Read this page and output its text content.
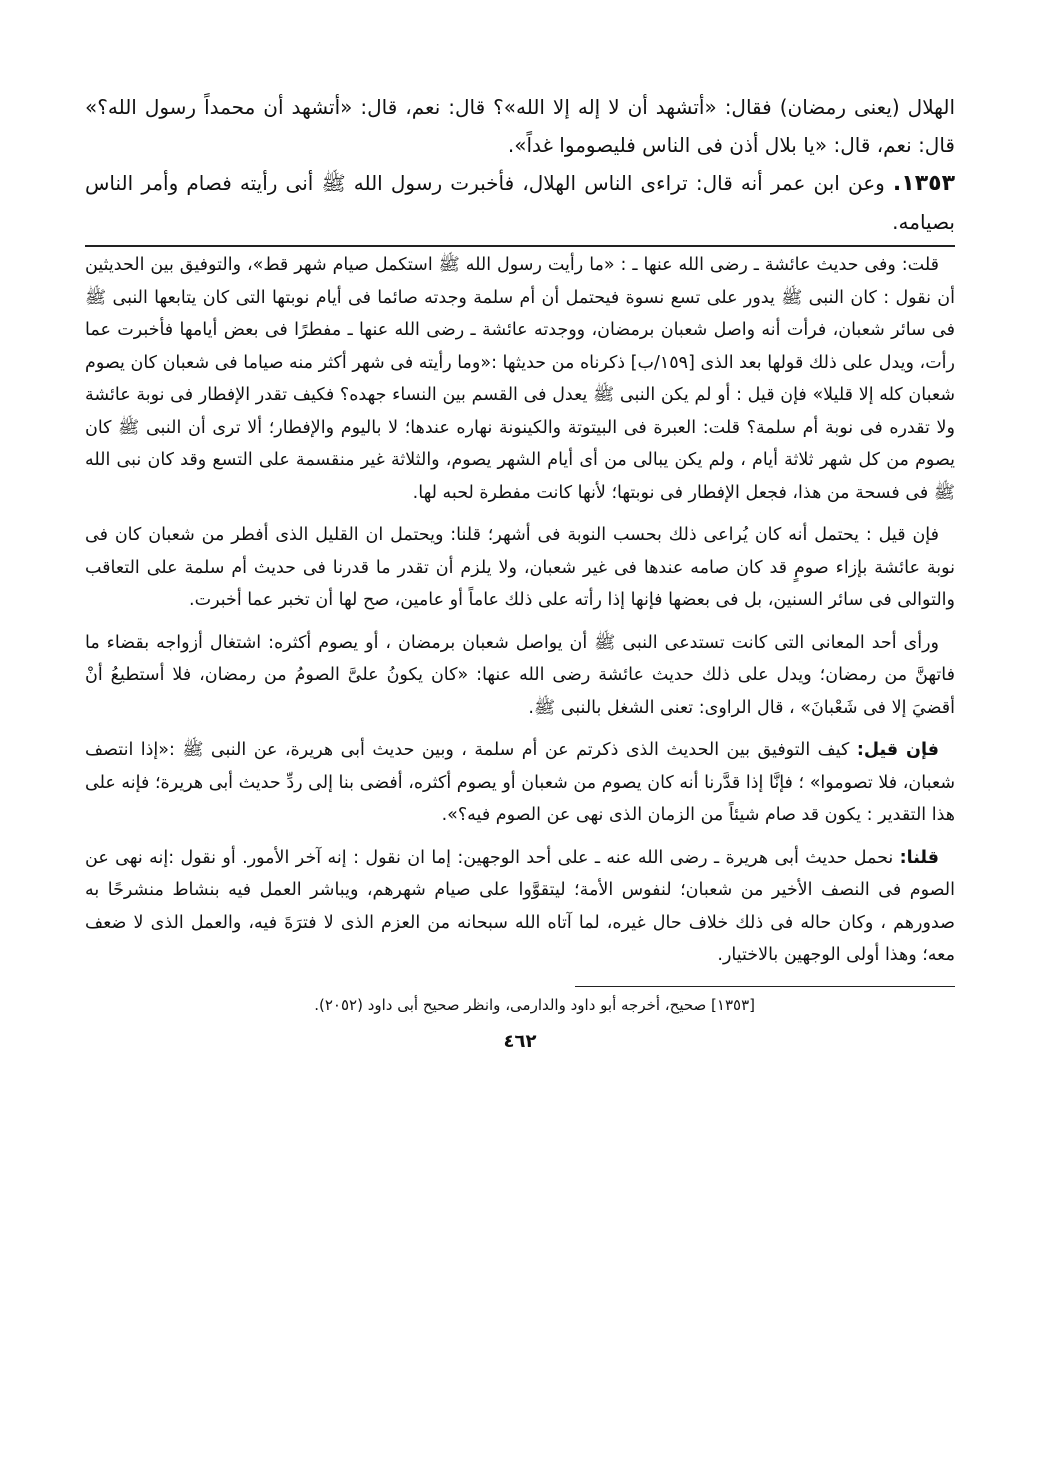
الهلال (يعنى رمضان) فقال: «أتشهد أن لا إله إلا الله»؟ قال: نعم، قال: «أتشهد أن محمداً رسول الله؟» قال: نعم، قال: «يا بلال أذن فى الناس فليصوموا غداً».

١٣٥٣. وعن ابن عمر أنه قال: تراءى الناس الهلال، فأخبرت رسول الله ﷺ أنى رأيته فصام وأمر الناس بصيامه.

قلت: وفى حديث عائشة ـ رضى الله عنها ـ : «ما رأيت رسول الله ﷺ استكمل صيام شهر قط»، والتوفيق بين الحديثين أن نقول : كان النبى ﷺ يدور على تسع نسوة فيحتمل أن أم سلمة وجدته صائما فى أيام نوبتها التى كان يتابعها النبى ﷺ فى سائر شعبان، فرأت أنه واصل شعبان برمضان، ووجدته عائشة ـ رضى الله عنها ـ مفطرًا فى بعض أيامها فأخبرت عما رأت، ويدل على ذلك قولها بعد الذى [١٥٩/ب] ذكرناه من حديثها :«وما رأيته فى شهر أكثر منه صياما فى شعبان كان يصوم شعبان كله إلا قليلا» فإن قيل : أو لم يكن النبى ﷺ يعدل فى القسم بين النساء جهده؟ فكيف تقدر الإفطار فى نوبة عائشة ولا تقدره فى نوبة أم سلمة؟ قلت: العبرة فى البيتوتة والكينونة نهاره عندها؛ لا باليوم والإفطار؛ ألا ترى أن النبى ﷺ كان يصوم من كل شهر ثلاثة أيام ، ولم يكن يبالى من أى أيام الشهر يصوم، والثلاثة غير منقسمة على التسع وقد كان نبى الله ﷺ فى فسحة من هذا، فجعل الإفطار فى نوبتها؛ لأنها كانت مفطرة لحبه لها.

فإن قيل : يحتمل أنه كان يُراعى ذلك بحسب النوبة فى أشهر؛ قلنا: ويحتمل ان القليل الذى أفطر من شعبان كان فى نوبة عائشة بإزاء صومٍ قد كان صامه عندها فى غير شعبان، ولا يلزم أن تقدر ما قدرنا فى حديث أم سلمة على التعاقب والتوالى فى سائر السنين، بل فى بعضها فإنها إذا رأته على ذلك عاماً أو عامين، صح لها أن تخبر عما أخبرت.

ورأى أحد المعانى التى كانت تستدعى النبى ﷺ أن يواصل شعبان برمضان ، أو يصوم أكثره: اشتغال أزواجه بقضاء ما فاتهنَّ من رمضان؛ ويدل على ذلك حديث عائشة رضى الله عنها: «كان يكونُ علىَّ الصومُ من رمضان، فلا أستطيعُ أنْ أقضيَ إلا فى شَعْبانَ» ، قال الراوى: تعنى الشغل بالنبى ﷺ.

فإن قيل: كيف التوفيق بين الحديث الذى ذكرتم عن أم سلمة ، وبين حديث أبى هريرة، عن النبى ﷺ :«إذا انتصف شعبان، فلا تصوموا» ؛ فإنَّا إذا قدَّرنا أنه كان يصوم من شعبان أو يصوم أكثره، أفضى بنا إلى ردِّ حديث أبى هريرة؛ فإنه على هذا التقدير : يكون قد صام شيئاً من الزمان الذى نهى عن الصوم فيه؟».

قلنا: نحمل حديث أبى هريرة ـ رضى الله عنه ـ على أحد الوجهين: إما ان نقول : إنه آخر الأمور. أو نقول :إنه نهى عن الصوم فى النصف الأخير من شعبان؛ لنفوس الأمة؛ ليتقوَّوا على صيام شهرهم، ويباشر العمل فيه بنشاط منشرحًا به صدورهم ، وكان حاله فى ذلك خلاف حال غيره، لما آتاه الله سبحانه من العزم الذى لا فترَةَ فيه، والعمل الذى لا ضعف معه؛ وهذا أولى الوجهين بالاختيار.

[١٣٥٣] صحيح، أخرجه أبو داود والدارمى، وانظر صحيح أبى داود (٢٠٥٢).

٤٦٢
